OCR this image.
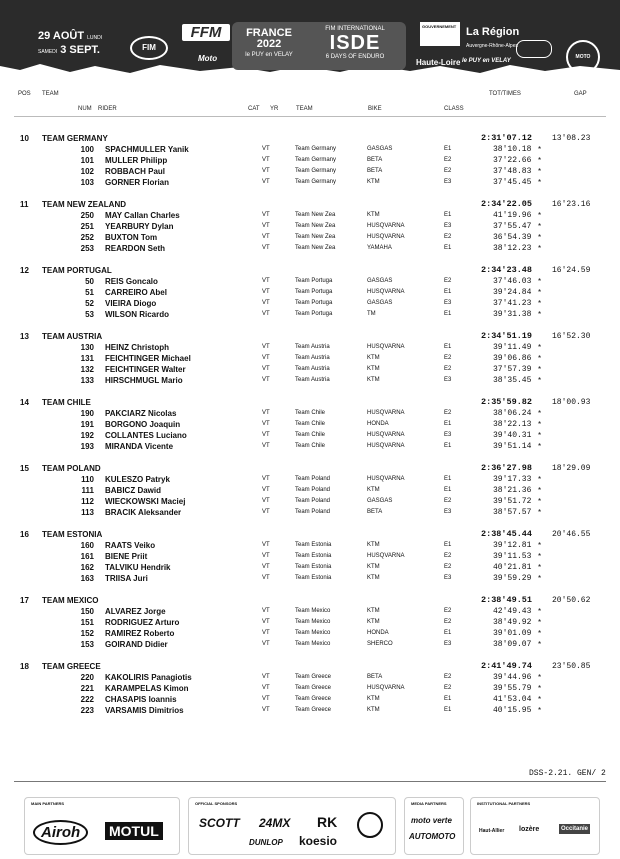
29 AOÛT LUNDI
SAMEDI 3 SEPT.	FIM
FFM
Moto
FRANCE
2022
le PUY en VELAY
FIM INTERNATIONAL
ISDE
6 DAYS OF ENDURO
GOUVERNEMENT La Région
Auvergne-Rhône-Alpes
Haute-Loire
LE DÉPARTEMENT
le PUY en VELAY
MOTO CLUB
POS TEAM	TOT/TIMES	GAP
NUM RIDER	CAT YR	TEAM	BIKE	CLASS
10 TEAM GERMANY	2:31'07.12 13'08.23
100 SPACHMULLER Yanik	VT	Team Germany	GASGAS	E1	38'10.18 *
101 MULLER Philipp	VT	Team Germany	BETA	E2	37'22.66 *
102 ROBBACH Paul	VT	Team Germany	BETA	E2	37'48.83 *
103 GORNER Florian	VT	Team Germany	KTM	E3	37'45.45 *
11 TEAM NEW ZEALAND	2:34'22.05 16'23.16
250 MAY Callan Charles	VT	Team New Zea	KTM	E1	41'19.96 *
251 YEARBURY Dylan	VT	Team New Zea	HUSQVARNA	E3	37'55.47 *
252 BUXTON Tom	VT	Team New Zea	HUSQVARNA	E2	36'54.39 *
253 REARDON Seth	VT	Team New Zea	YAMAHA	E1	38'12.23 *
12 TEAM PORTUGAL	2:34'23.48 16'24.59
50 REIS Goncalo	VT	Team Portuga	GASGAS	E2	37'46.03 *
51 CARREIRO Abel	VT	Team Portuga	HUSQVARNA	E1	39'24.84 *
52 VIEIRA Diogo	VT	Team Portuga	GASGAS	E3	37'41.23 *
53 WILSON Ricardo	VT	Team Portuga	TM	E1	39'31.38 *
13 TEAM AUSTRIA	2:34'51.19 16'52.30
130 HEINZ Christoph	VT	Team Austria	HUSQVARNA	E1	39'11.49 *
131 FEICHTINGER Michael	VT	Team Austria	KTM	E2	39'06.86 *
132 FEICHTINGER Walter	VT	Team Austria	KTM	E2	37'57.39 *
133 HIRSCHMUGL Mario	VT	Team Austria	KTM	E3	38'35.45 *
14 TEAM CHILE	2:35'59.82 18'00.93
190 PAKCIARZ Nicolas	VT	Team Chile	HUSQVARNA	E2	38'06.24 *
191 BORGONO Joaquin	VT	Team Chile	HONDA	E1	38'22.13 *
192 COLLANTES Luciano	VT	Team Chile	HUSQVARNA	E3	39'40.31 *
193 MIRANDA Vicente	VT	Team Chile	HUSQVARNA	E1	39'51.14 *
15 TEAM POLAND	2:36'27.98 18'29.09
110 KULESZO Patryk	VT	Team Poland	HUSQVARNA	E1	39'17.33 *
111 BABICZ Dawid	VT	Team Poland	KTM	E1	38'21.36 *
112 WIECKOWSKI Maciej	VT	Team Poland	GASGAS	E2	39'51.72 *
113 BRACIK Aleksander	VT	Team Poland	BETA	E3	38'57.57 *
16 TEAM ESTONIA	2:38'45.44 20'46.55
160 RAATS Veiko	VT	Team Estonia	KTM	E1	39'12.81 *
161 BIENE Priit	VT	Team Estonia	HUSQVARNA	E2	39'11.53 *
162 TALVIKU Hendrik	VT	Team Estonia	KTM	E2	40'21.81 *
163 TRIISA Juri	VT	Team Estonia	KTM	E3	39'59.29 *
17 TEAM MEXICO	2:38'49.51 20'50.62
150 ALVAREZ Jorge	VT	Team Mexico	KTM	E2	42'49.43 *
151 RODRIGUEZ Arturo	VT	Team Mexico	KTM	E2	38'49.92 *
152 RAMIREZ Roberto	VT	Team Mexico	HONDA	E1	39'01.09 *
153 GOIRAND Didier	VT	Team Mexico	SHERCO	E3	38'09.07 *
18 TEAM GREECE	2:41'49.74 23'50.85
220 KAKOLIRIS Panagiotis	VT	Team Greece	BETA	E2	39'44.96 *
221 KARAMPELAS Kimon	VT	Team Greece	HUSQVARNA	E2	39'55.79 *
222 CHASAPIS Ioannis	VT	Team Greece	KTM	E1	41'53.04 *
223 VARSAMIS Dimitrios	VT	Team Greece	KTM	E1	40'15.95 *
DSS-2.21. GEN/ 2
MAIN PARTNERS
Airoh	MOTUL
OFFICIAL SPONSORS
SCOTT 24MX RK
DUNLOP koesio
MEDIA PARTNERS
moto verte
AUTOMOTO
INSTITUTIONAL PARTNERS
Haut-Allier lozère	Occitanie
